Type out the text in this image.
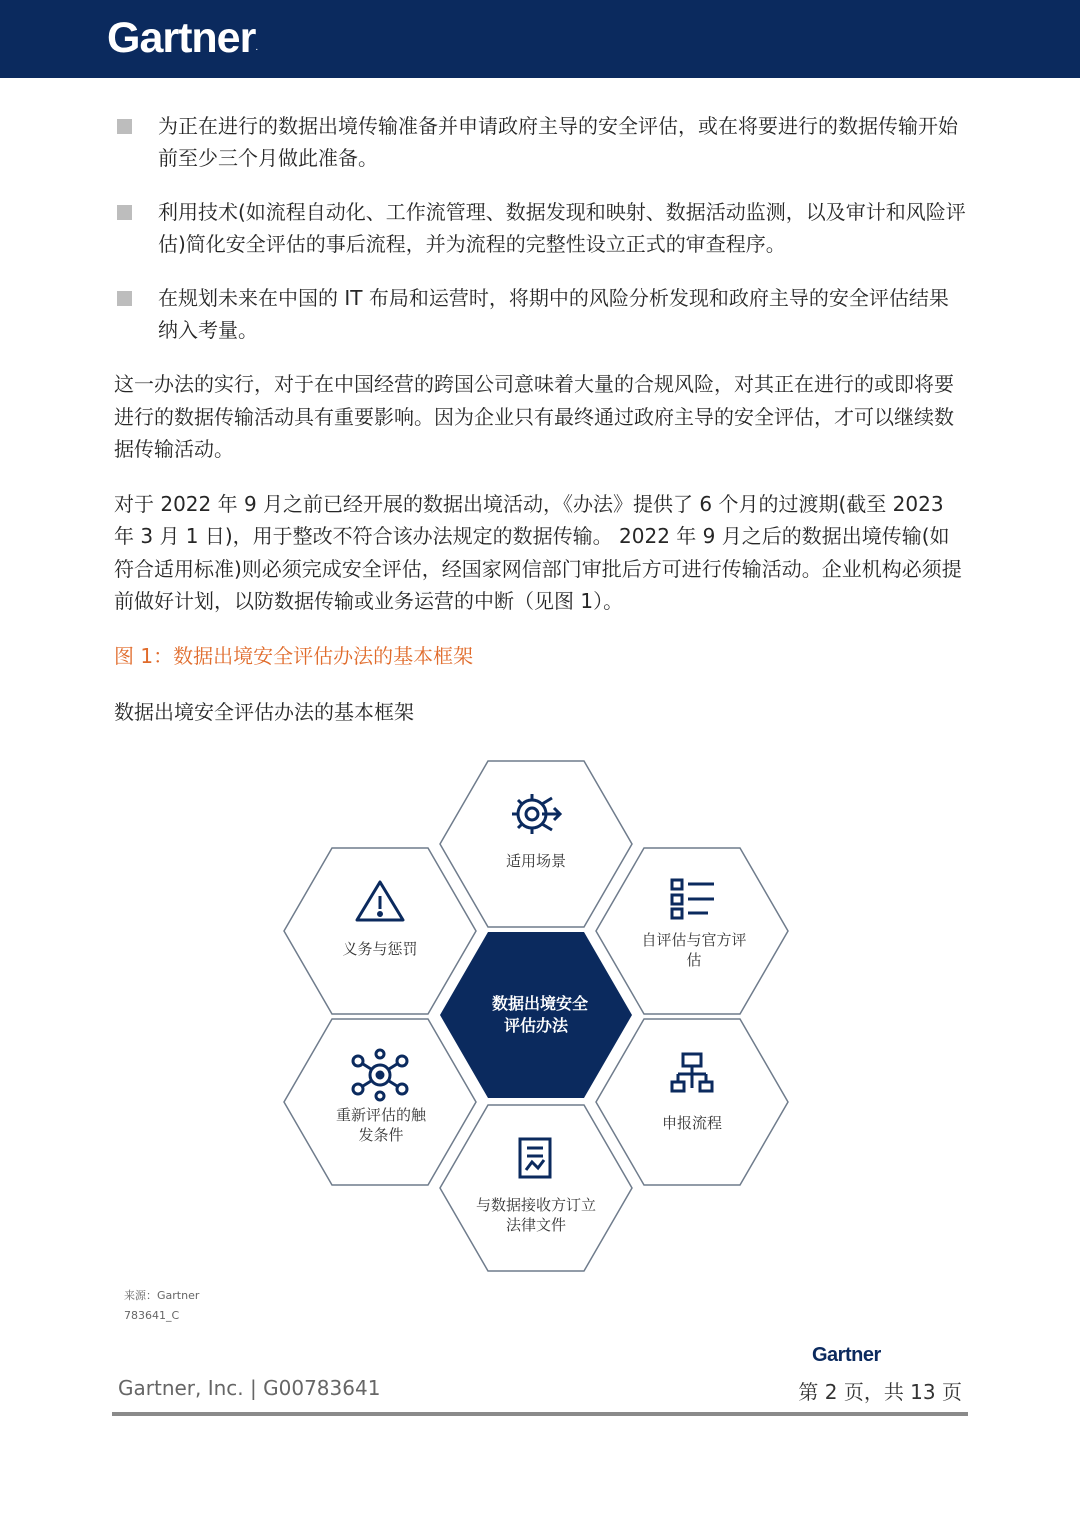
Gartner.
为正在进行的数据出境传输准备并申请政府主导的安全评估，或在将要进行的数据传输开始前至少三个月做此准备。
利用技术(如流程自动化、工作流管理、数据发现和映射、数据活动监测，以及审计和风险评估)简化安全评估的事后流程，并为流程的完整性设立正式的审查程序。
在规划未来在中国的 IT 布局和运营时，将期中的风险分析发现和政府主导的安全评估结果纳入考量。

这一办法的实行，对于在中国经营的跨国公司意味着大量的合规风险，对其正在进行的或即将要进行的数据传输活动具有重要影响。因为企业只有最终通过政府主导的安全评估，才可以继续数据传输活动。

对于 2022 年 9 月之前已经开展的数据出境活动，《办法》提供了 6 个月的过渡期(截至 2023 年 3 月 1 日)，用于整改不符合该办法规定的数据传输。 2022 年 9 月之后的数据出境传输(如符合适用标准)则必须完成安全评估，经国家网信部门审批后方可进行传输活动。企业机构必须提前做好计划，以防数据传输或业务运营的中断（见图 1）。

图 1：数据出境安全评估办法的基本框架

数据出境安全评估办法的基本框架

数据出境安全
评估办法
适用场景
自评估与官方评
估
申报流程
与数据接收方订立
法律文件
重新评估的触
发条件
义务与惩罚
来源：Gartner
783641_C
Gartner
Gartner, Inc. | G00783641	第 2 页，共 13 页
